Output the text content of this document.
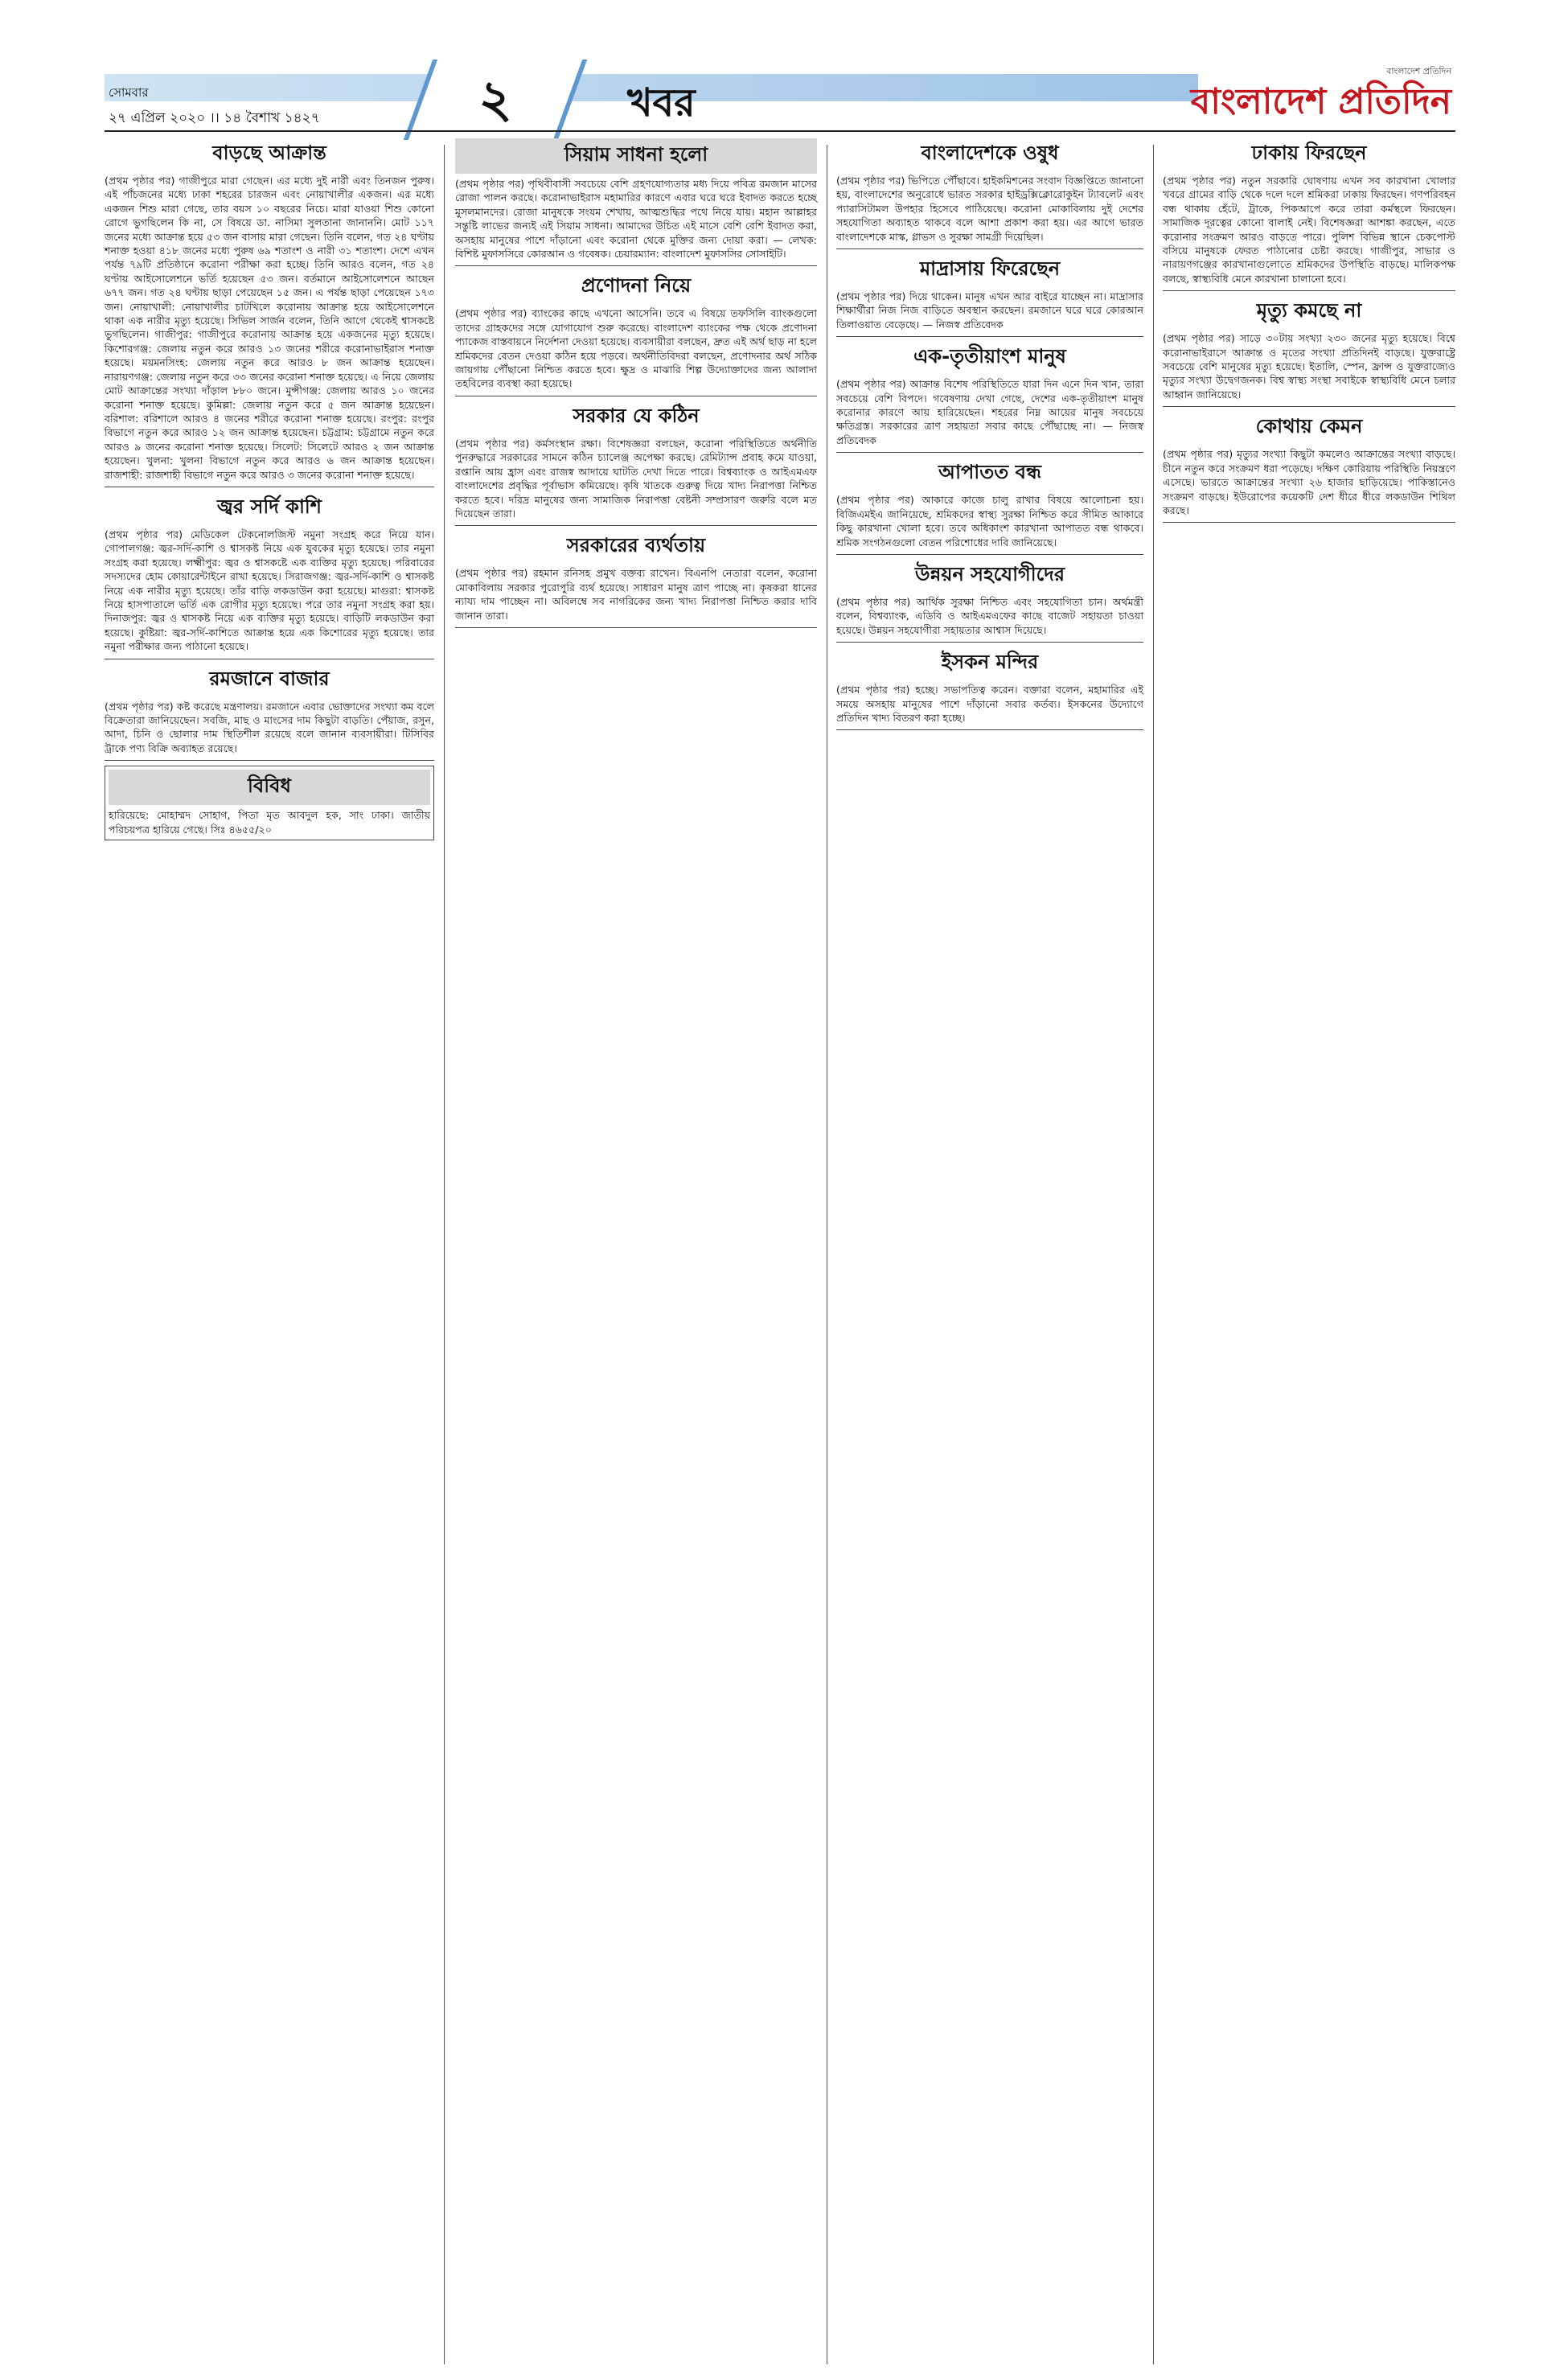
সোমবার
২৭ এপ্রিল ২০২০ ।। ১৪ বৈশাখ ১৪২৭	২	খবর
বাংলাদেশ প্রতিদিন
বাংলাদেশ প্রতিদিন
বাড়ছে আক্রান্ত

(প্রথম পৃষ্ঠার পর) গাজীপুরে মারা গেছেন। এর মধ্যে দুই নারী এবং তিনজন পুরুষ। এই পাঁচজনের মধ্যে ঢাকা শহরের চারজন এবং নোয়াখালীর একজন। এর মধ্যে একজন শিশু মারা গেছে, তার বয়স ১০ বছরের নিচে। মারা যাওয়া শিশু কোনো রোগে ভুগছিলেন কি না, সে বিষয়ে ডা. নাসিমা সুলতানা জানাননি। মোট ১১৭ জনের মধ্যে আক্রান্ত হয়ে ৫৩ জন বাসায় মারা গেছেন। তিনি বলেন, গত ২৪ ঘণ্টায় শনাক্ত হওয়া ৪১৮ জনের মধ্যে পুরুষ ৬৯ শতাংশ ও নারী ৩১ শতাংশ। দেশে এখন পর্যন্ত ৭৯টি প্রতিষ্ঠানে করোনা পরীক্ষা করা হচ্ছে। তিনি আরও বলেন, গত ২৪ ঘণ্টায় আইসোলেশনে ভর্তি হয়েছেন ৫৩ জন। বর্তমানে আইসোলেশনে আছেন ৬৭৭ জন। গত ২৪ ঘণ্টায় ছাড়া পেয়েছেন ১৫ জন। এ পর্যন্ত ছাড়া পেয়েছেন ১৭৩ জন। নোয়াখালী: নোয়াখালীর চাটখিলে করোনায় আক্রান্ত হয়ে আইসোলেশনে থাকা এক নারীর মৃত্যু হয়েছে। সিভিল সার্জন বলেন, তিনি আগে থেকেই শ্বাসকষ্টে ভুগছিলেন। গাজীপুর: গাজীপুরে করোনায় আক্রান্ত হয়ে একজনের মৃত্যু হয়েছে। কিশোরগঞ্জ: জেলায় নতুন করে আরও ১৩ জনের শরীরে করোনাভাইরাস শনাক্ত হয়েছে। ময়মনসিংহ: জেলায় নতুন করে আরও ৮ জন আক্রান্ত হয়েছেন। নারায়ণগঞ্জ: জেলায় নতুন করে ৩৩ জনের করোনা শনাক্ত হয়েছে। এ নিয়ে জেলায় মোট আক্রান্তের সংখ্যা দাঁড়াল ৮৮০ জনে। মুন্সীগঞ্জ: জেলায় আরও ১০ জনের করোনা শনাক্ত হয়েছে। কুমিল্লা: জেলায় নতুন করে ৫ জন আক্রান্ত হয়েছেন। বরিশাল: বরিশালে আরও ৪ জনের শরীরে করোনা শনাক্ত হয়েছে। রংপুর: রংপুর বিভাগে নতুন করে আরও ১২ জন আক্রান্ত হয়েছেন। চট্টগ্রাম: চট্টগ্রামে নতুন করে আরও ৯ জনের করোনা শনাক্ত হয়েছে। সিলেট: সিলেটে আরও ২ জন আক্রান্ত হয়েছেন। খুলনা: খুলনা বিভাগে নতুন করে আরও ৬ জন আক্রান্ত হয়েছেন। রাজশাহী: রাজশাহী বিভাগে নতুন করে আরও ৩ জনের করোনা শনাক্ত হয়েছে।

জ্বর সর্দি কাশি

(প্রথম পৃষ্ঠার পর) মেডিকেল টেকনোলজিস্ট নমুনা সংগ্রহ করে নিয়ে যান। গোপালগঞ্জ: জ্বর-সর্দি-কাশি ও শ্বাসকষ্ট নিয়ে এক যুবকের মৃত্যু হয়েছে। তার নমুনা সংগ্রহ করা হয়েছে। লক্ষ্মীপুর: জ্বর ও শ্বাসকষ্টে এক ব্যক্তির মৃত্যু হয়েছে। পরিবারের সদস্যদের হোম কোয়ারেন্টাইনে রাখা হয়েছে। সিরাজগঞ্জ: জ্বর-সর্দি-কাশি ও শ্বাসকষ্ট নিয়ে এক নারীর মৃত্যু হয়েছে। তাঁর বাড়ি লকডাউন করা হয়েছে। মাগুরা: শ্বাসকষ্ট নিয়ে হাসপাতালে ভর্তি এক রোগীর মৃত্যু হয়েছে। পরে তার নমুনা সংগ্রহ করা হয়। দিনাজপুর: জ্বর ও শ্বাসকষ্ট নিয়ে এক ব্যক্তির মৃত্যু হয়েছে। বাড়িটি লকডাউন করা হয়েছে। কুষ্টিয়া: জ্বর-সর্দি-কাশিতে আক্রান্ত হয়ে এক কিশোরের মৃত্যু হয়েছে। তার নমুনা পরীক্ষার জন্য পাঠানো হয়েছে।

রমজানে বাজার

(প্রথম পৃষ্ঠার পর) কষ্ট করেছে মন্ত্রণালয়। রমজানে এবার ভোক্তাদের সংখ্যা কম বলে বিক্রেতারা জানিয়েছেন। সবজি, মাছ ও মাংসের দাম কিছুটা বাড়তি। পেঁয়াজ, রসুন, আদা, চিনি ও ছোলার দাম স্থিতিশীল রয়েছে বলে জানান ব্যবসায়ীরা। টিসিবির ট্রাকে পণ্য বিক্রি অব্যাহত রয়েছে।

বিবিধ

হারিয়েছে: মোহাম্মদ সোহাগ, পিতা মৃত আবদুল হক, সাং ঢাকা। জাতীয় পরিচয়পত্র হারিয়ে গেছে। সিঃ ৪৬৫৫/২০

সিয়াম সাধনা হলো

(প্রথম পৃষ্ঠার পর) পৃথিবীবাসী সবচেয়ে বেশি গ্রহণযোগ্যতার মধ্য দিয়ে পবিত্র রমজান মাসের রোজা পালন করছে। করোনাভাইরাস মহামারির কারণে এবার ঘরে ঘরে ইবাদত করতে হচ্ছে মুসলমানদের। রোজা মানুষকে সংযম শেখায়, আত্মশুদ্ধির পথে নিয়ে যায়। মহান আল্লাহর সন্তুষ্টি লাভের জন্যই এই সিয়াম সাধনা। আমাদের উচিত এই মাসে বেশি বেশি ইবাদত করা, অসহায় মানুষের পাশে দাঁড়ানো এবং করোনা থেকে মুক্তির জন্য দোয়া করা। — লেখক: বিশিষ্ট মুফাসসিরে কোরআন ও গবেষক। চেয়ারম্যান: বাংলাদেশ মুফাসসির সোসাইটি।

প্রণোদনা নিয়ে

(প্রথম পৃষ্ঠার পর) ব্যাংকের কাছে এখনো আসেনি। তবে এ বিষয়ে তফসিলি ব্যাংকগুলো তাদের গ্রাহকদের সঙ্গে যোগাযোগ শুরু করেছে। বাংলাদেশ ব্যাংকের পক্ষ থেকে প্রণোদনা প্যাকেজ বাস্তবায়নে নির্দেশনা দেওয়া হয়েছে। ব্যবসায়ীরা বলছেন, দ্রুত এই অর্থ ছাড় না হলে শ্রমিকদের বেতন দেওয়া কঠিন হয়ে পড়বে। অর্থনীতিবিদরা বলছেন, প্রণোদনার অর্থ সঠিক জায়গায় পৌঁছানো নিশ্চিত করতে হবে। ক্ষুদ্র ও মাঝারি শিল্প উদ্যোক্তাদের জন্য আলাদা তহবিলের ব্যবস্থা করা হয়েছে।

সরকার যে কঠিন

(প্রথম পৃষ্ঠার পর) কর্মসংস্থান রক্ষা। বিশেষজ্ঞরা বলছেন, করোনা পরিস্থিতিতে অর্থনীতি পুনরুদ্ধারে সরকারের সামনে কঠিন চ্যালেঞ্জ অপেক্ষা করছে। রেমিট্যান্স প্রবাহ কমে যাওয়া, রপ্তানি আয় হ্রাস এবং রাজস্ব আদায়ে ঘাটতি দেখা দিতে পারে। বিশ্বব্যাংক ও আইএমএফ বাংলাদেশের প্রবৃদ্ধির পূর্বাভাস কমিয়েছে। কৃষি খাতকে গুরুত্ব দিয়ে খাদ্য নিরাপত্তা নিশ্চিত করতে হবে। দরিদ্র মানুষের জন্য সামাজিক নিরাপত্তা বেষ্টনী সম্প্রসারণ জরুরি বলে মত দিয়েছেন তারা।

সরকারের ব্যর্থতায়

(প্রথম পৃষ্ঠার পর) রহমান রনিসহ প্রমুখ বক্তব্য রাখেন। বিএনপি নেতারা বলেন, করোনা মোকাবিলায় সরকার পুরোপুরি ব্যর্থ হয়েছে। সাধারণ মানুষ ত্রাণ পাচ্ছে না। কৃষকরা ধানের ন্যায্য দাম পাচ্ছেন না। অবিলম্বে সব নাগরিকের জন্য খাদ্য নিরাপত্তা নিশ্চিত করার দাবি জানান তারা।

বাংলাদেশকে ওষুধ

(প্রথম পৃষ্ঠার পর) ভিপিতে পৌঁছাবে। হাইকমিশনের সংবাদ বিজ্ঞপ্তিতে জানানো হয়, বাংলাদেশের অনুরোধে ভারত সরকার হাইড্রক্সিক্লোরোকুইন ট্যাবলেট এবং প্যারাসিটামল উপহার হিসেবে পাঠিয়েছে। করোনা মোকাবিলায় দুই দেশের সহযোগিতা অব্যাহত থাকবে বলে আশা প্রকাশ করা হয়। এর আগে ভারত বাংলাদেশকে মাস্ক, গ্লাভস ও সুরক্ষা সামগ্রী দিয়েছিল।

মাদ্রাসায় ফিরেছেন

(প্রথম পৃষ্ঠার পর) দিয়ে থাকেন। মানুষ এখন আর বাইরে যাচ্ছেন না। মাদ্রাসার শিক্ষার্থীরা নিজ নিজ বাড়িতে অবস্থান করছেন। রমজানে ঘরে ঘরে কোরআন তিলাওয়াত বেড়েছে। — নিজস্ব প্রতিবেদক

এক-তৃতীয়াংশ মানুষ

(প্রথম পৃষ্ঠার পর) আক্রান্ত বিশেষ পরিস্থিতিতে যারা দিন এনে দিন খান, তারা সবচেয়ে বেশি বিপদে। গবেষণায় দেখা গেছে, দেশের এক-তৃতীয়াংশ মানুষ করোনার কারণে আয় হারিয়েছেন। শহরের নিম্ন আয়ের মানুষ সবচেয়ে ক্ষতিগ্রস্ত। সরকারের ত্রাণ সহায়তা সবার কাছে পৌঁছাচ্ছে না। — নিজস্ব প্রতিবেদক

আপাতত বন্ধ

(প্রথম পৃষ্ঠার পর) আকারে কাজে চালু রাখার বিষয়ে আলোচনা হয়। বিজিএমইএ জানিয়েছে, শ্রমিকদের স্বাস্থ্য সুরক্ষা নিশ্চিত করে সীমিত আকারে কিছু কারখানা খোলা হবে। তবে অধিকাংশ কারখানা আপাতত বন্ধ থাকবে। শ্রমিক সংগঠনগুলো বেতন পরিশোধের দাবি জানিয়েছে।

উন্নয়ন সহযোগীদের

(প্রথম পৃষ্ঠার পর) আর্থিক সুরক্ষা নিশ্চিত এবং সহযোগিতা চান। অর্থমন্ত্রী বলেন, বিশ্বব্যাংক, এডিবি ও আইএমএফের কাছে বাজেট সহায়তা চাওয়া হয়েছে। উন্নয়ন সহযোগীরা সহায়তার আশ্বাস দিয়েছে।

ইসকন মন্দির

(প্রথম পৃষ্ঠার পর) হচ্ছে। সভাপতিত্ব করেন। বক্তারা বলেন, মহামারির এই সময়ে অসহায় মানুষের পাশে দাঁড়ানো সবার কর্তব্য। ইসকনের উদ্যোগে প্রতিদিন খাদ্য বিতরণ করা হচ্ছে।

ঢাকায় ফিরছেন

(প্রথম পৃষ্ঠার পর) নতুন সরকারি ঘোষণায় এখন সব কারখানা খোলার খবরে গ্রামের বাড়ি থেকে দলে দলে শ্রমিকরা ঢাকায় ফিরছেন। গণপরিবহন বন্ধ থাকায় হেঁটে, ট্রাকে, পিকআপে করে তারা কর্মস্থলে ফিরছেন। সামাজিক দূরত্বের কোনো বালাই নেই। বিশেষজ্ঞরা আশঙ্কা করছেন, এতে করোনার সংক্রমণ আরও বাড়তে পারে। পুলিশ বিভিন্ন স্থানে চেকপোস্ট বসিয়ে মানুষকে ফেরত পাঠানোর চেষ্টা করছে। গাজীপুর, সাভার ও নারায়ণগঞ্জের কারখানাগুলোতে শ্রমিকদের উপস্থিতি বাড়ছে। মালিকপক্ষ বলছে, স্বাস্থ্যবিধি মেনে কারখানা চালানো হবে।

মৃত্যু কমছে না

(প্রথম পৃষ্ঠার পর) সাড়ে ৩০টায় সংখ্যা ২৩০ জনের মৃত্যু হয়েছে। বিশ্বে করোনাভাইরাসে আক্রান্ত ও মৃতের সংখ্যা প্রতিদিনই বাড়ছে। যুক্তরাষ্ট্রে সবচেয়ে বেশি মানুষের মৃত্যু হয়েছে। ইতালি, স্পেন, ফ্রান্স ও যুক্তরাজ্যেও মৃত্যুর সংখ্যা উদ্বেগজনক। বিশ্ব স্বাস্থ্য সংস্থা সবাইকে স্বাস্থ্যবিধি মেনে চলার আহ্বান জানিয়েছে।

কোথায় কেমন

(প্রথম পৃষ্ঠার পর) মৃত্যুর সংখ্যা কিছুটা কমলেও আক্রান্তের সংখ্যা বাড়ছে। চীনে নতুন করে সংক্রমণ ধরা পড়েছে। দক্ষিণ কোরিয়ায় পরিস্থিতি নিয়ন্ত্রণে এসেছে। ভারতে আক্রান্তের সংখ্যা ২৬ হাজার ছাড়িয়েছে। পাকিস্তানেও সংক্রমণ বাড়ছে। ইউরোপের কয়েকটি দেশ ধীরে ধীরে লকডাউন শিথিল করছে।
